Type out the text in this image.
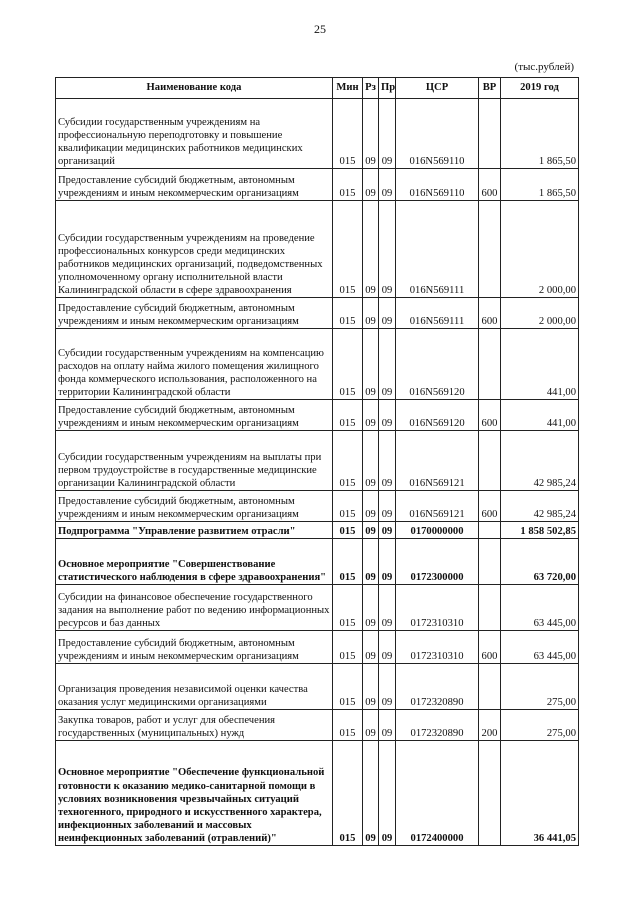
25
(тыс.рублей)
Наименование кода	Мин	Рз	Пр	ЦСР	ВР	2019 год
Субсидии государственным учреждениям на профессиональную переподготовку и повышение квалификации медицинских работников медицинских организаций	015	09	09	016N569110		1 865,50
Предоставление субсидий бюджетным, автономным учреждениям и иным некоммерческим организациям	015	09	09	016N569110	600	1 865,50
Субсидии государственным учреждениям на проведение профессиональных конкурсов среди медицинских работников медицинских организаций, подведомственных уполномоченному органу исполнительной власти Калининградской области в сфере здравоохранения	015	09	09	016N569111		2 000,00
Предоставление субсидий бюджетным, автономным учреждениям и иным некоммерческим организациям	015	09	09	016N569111	600	2 000,00
Субсидии государственным учреждениям на компенсацию расходов на оплату найма жилого помещения жилищного фонда коммерческого использования, расположенного на территории Калининградской области	015	09	09	016N569120		441,00
Предоставление субсидий бюджетным, автономным учреждениям и иным некоммерческим организациям	015	09	09	016N569120	600	441,00
Субсидии государственным учреждениям на выплаты при первом трудоустройстве в государственные медицинские организации Калининградской области	015	09	09	016N569121		42 985,24
Предоставление субсидий бюджетным, автономным учреждениям и иным некоммерческим организациям	015	09	09	016N569121	600	42 985,24
Подпрограмма "Управление развитием отрасли"	015	09	09	0170000000		1 858 502,85
Основное мероприятие "Совершенствование статистического наблюдения в сфере здравоохранения"	015	09	09	0172300000		63 720,00
Субсидии на финансовое обеспечение государственного задания на выполнение работ по ведению информационных ресурсов и баз данных	015	09	09	0172310310		63 445,00
Предоставление субсидий бюджетным, автономным учреждениям и иным некоммерческим организациям	015	09	09	0172310310	600	63 445,00
Организация проведения независимой оценки качества оказания услуг медицинскими организациями	015	09	09	0172320890		275,00
Закупка товаров, работ и услуг для обеспечения государственных (муниципальных) нужд	015	09	09	0172320890	200	275,00
Основное мероприятие "Обеспечение функциональной готовности к оказанию медико-санитарной помощи в условиях возникновения чрезвычайных ситуаций техногенного, природного и искусственного характера, инфекционных заболеваний и массовых неинфекционных заболеваний (отравлений)"	015	09	09	0172400000		36 441,05
